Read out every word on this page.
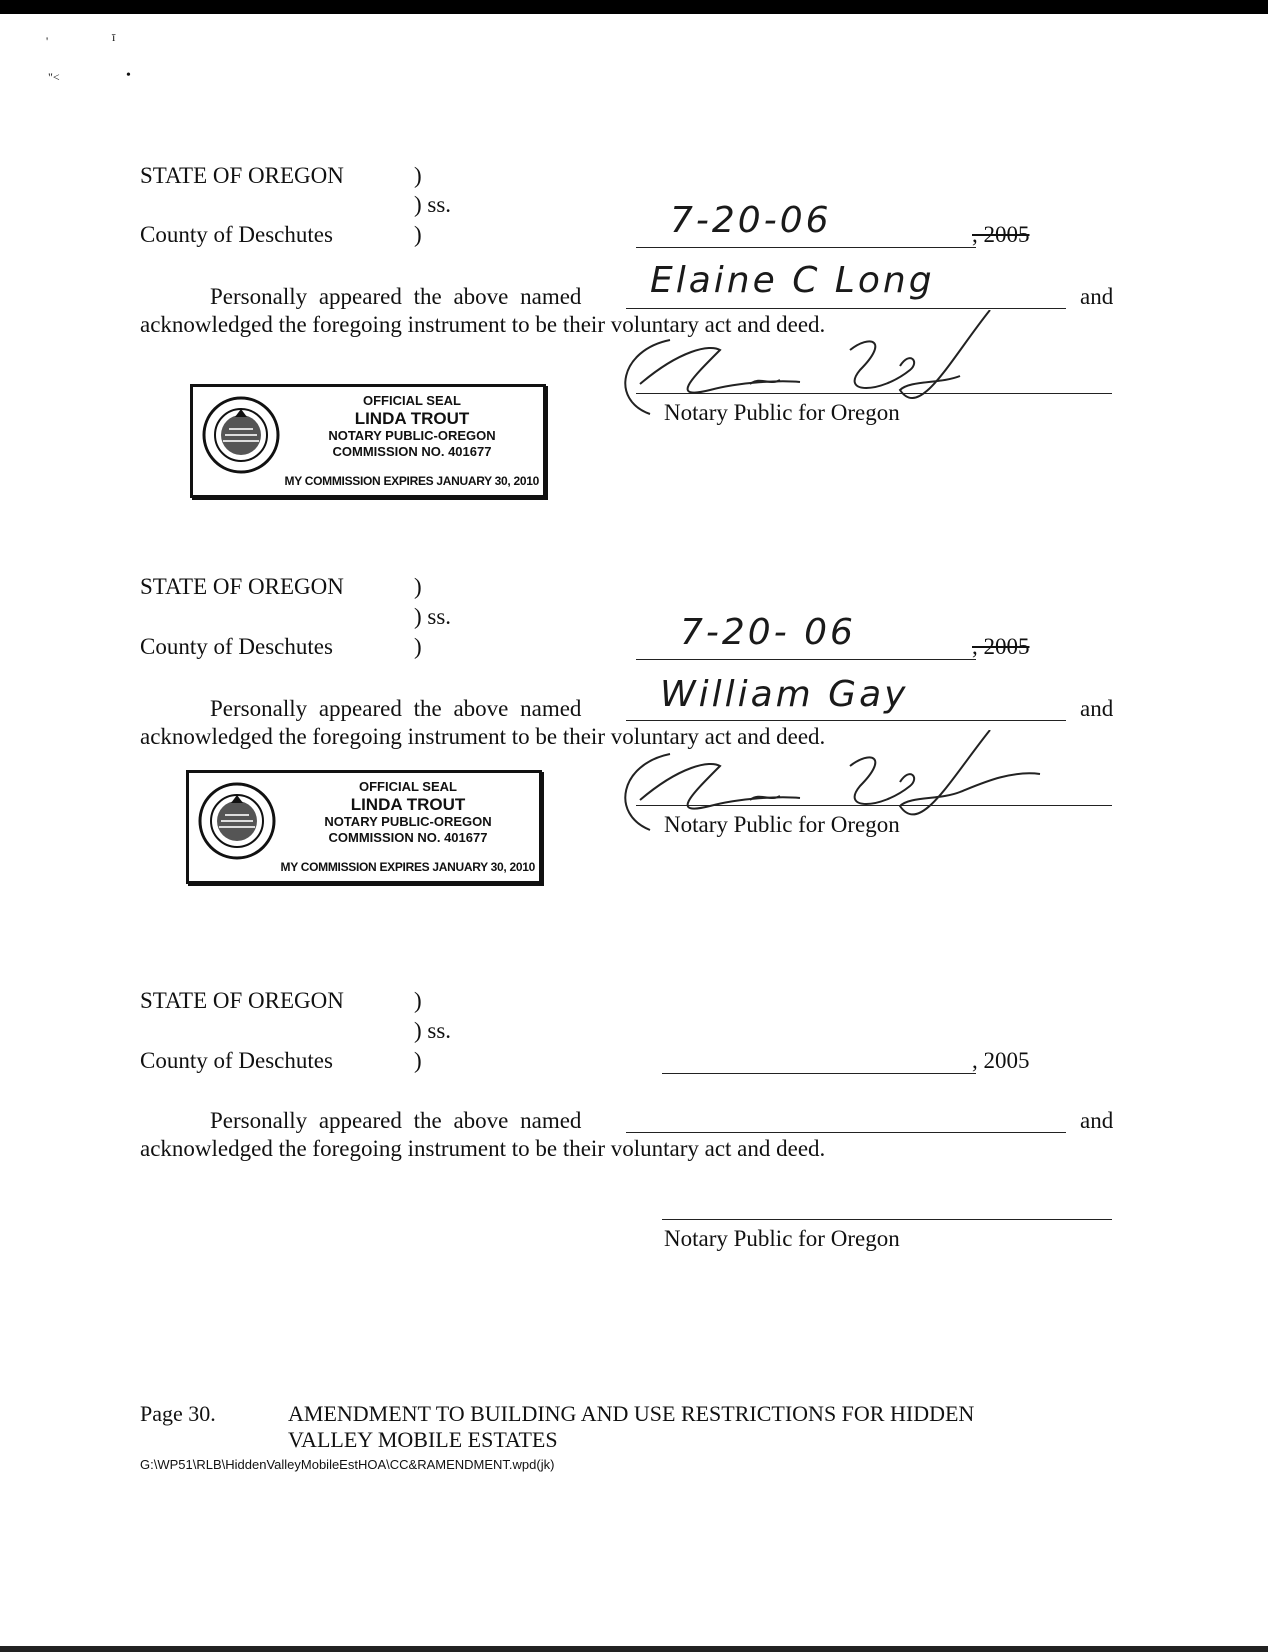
'	ī
"<	•
STATE OF OREGON	)
) ss.
)
County of Deschutes	7-20-06	, 2005
Personally appeared the above named Elaine C Long	and
acknowledged the foregoing instrument to be their voluntary act and deed.
OFFICIAL SEAL
LINDA TROUT
NOTARY PUBLIC-OREGON
COMMISSION NO. 401677
MY COMMISSION EXPIRES JANUARY 30, 2010
Notary Public for Oregon
STATE OF OREGON	)
) ss.
)
County of Deschutes	7-20- 06	, 2005
Personally appeared the above named William Gay	and
acknowledged the foregoing instrument to be their voluntary act and deed.
OFFICIAL SEAL
LINDA TROUT
NOTARY PUBLIC-OREGON
COMMISSION NO. 401677
MY COMMISSION EXPIRES JANUARY 30, 2010
Notary Public for Oregon
STATE OF OREGON	)
) ss.
)
County of Deschutes	, 2005
Personally appeared the above named	and
acknowledged the foregoing instrument to be their voluntary act and deed.
Notary Public for Oregon
Page 30.	AMENDMENT TO BUILDING AND USE RESTRICTIONS FOR HIDDEN
VALLEY MOBILE ESTATES
G:\WP51\RLB\HiddenValleyMobileEstHOA\CC&RAMENDMENT.wpd(jk)
